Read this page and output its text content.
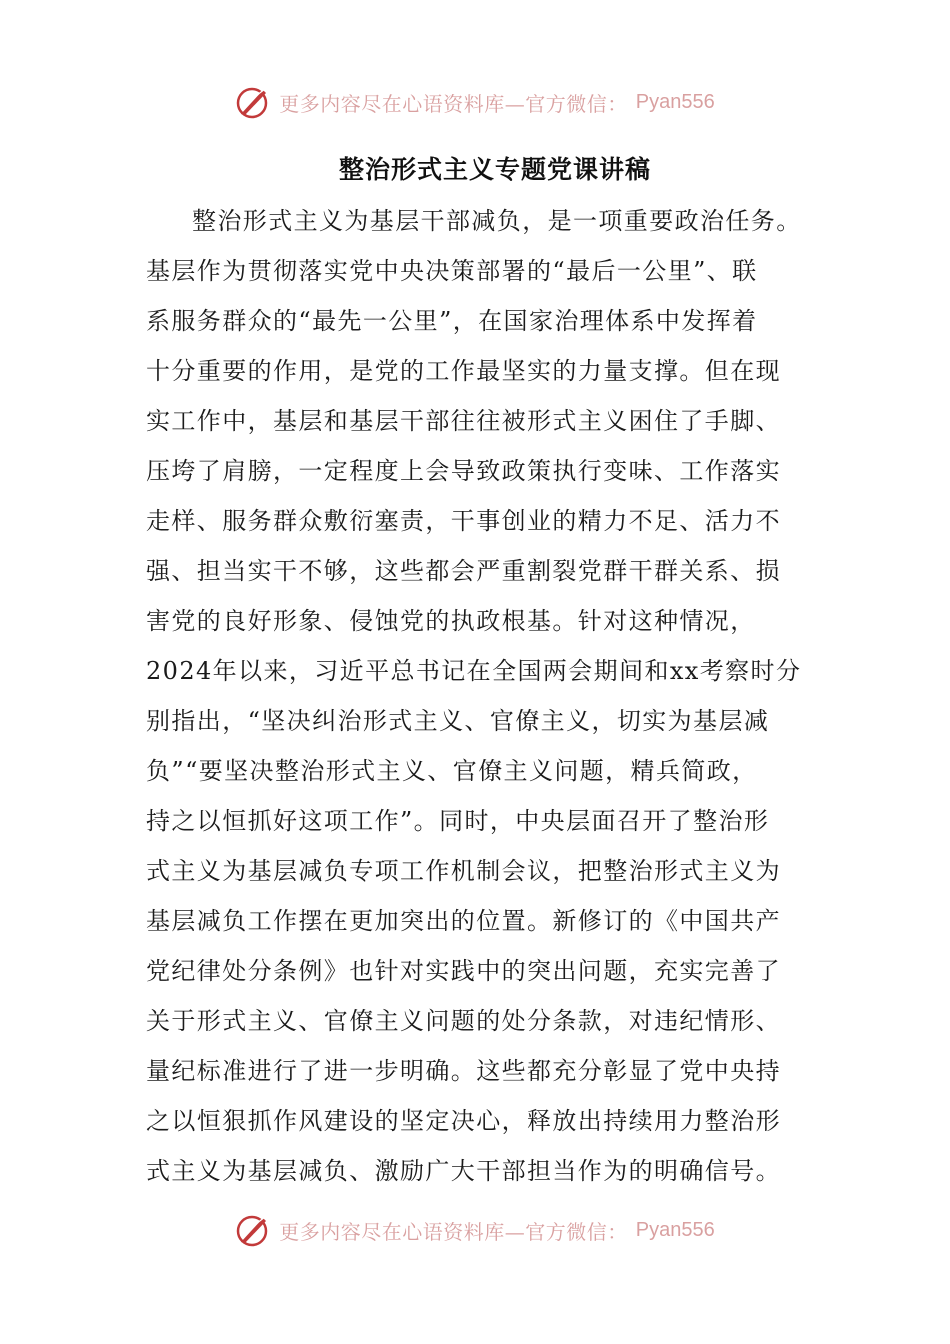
更多内容尽在心语资料库—官方微信： Pyan556
整治形式主义专题党课讲稿
整治形式主义为基层干部减负，是一项重要政治任务。
基层作为贯彻落实党中央决策部署的“最后一公里”、联
系服务群众的“最先一公里”，在国家治理体系中发挥着
十分重要的作用，是党的工作最坚实的力量支撑。但在现
实工作中，基层和基层干部往往被形式主义困住了手脚、
压垮了肩膀，一定程度上会导致政策执行变味、工作落实
走样、服务群众敷衍塞责，干事创业的精力不足、活力不
强、担当实干不够，这些都会严重割裂党群干群关系、损
害党的良好形象、侵蚀党的执政根基。针对这种情况，
2024年以来，习近平总书记在全国两会期间和xx考察时分
别指出，“坚决纠治形式主义、官僚主义，切实为基层减
负”“要坚决整治形式主义、官僚主义问题，精兵简政，
持之以恒抓好这项工作”。同时，中央层面召开了整治形
式主义为基层减负专项工作机制会议，把整治形式主义为
基层减负工作摆在更加突出的位置。新修订的《中国共产
党纪律处分条例》也针对实践中的突出问题，充实完善了
关于形式主义、官僚主义问题的处分条款，对违纪情形、
量纪标准进行了进一步明确。这些都充分彰显了党中央持
之以恒狠抓作风建设的坚定决心，释放出持续用力整治形
式主义为基层减负、激励广大干部担当作为的明确信号。
更多内容尽在心语资料库—官方微信： Pyan556
